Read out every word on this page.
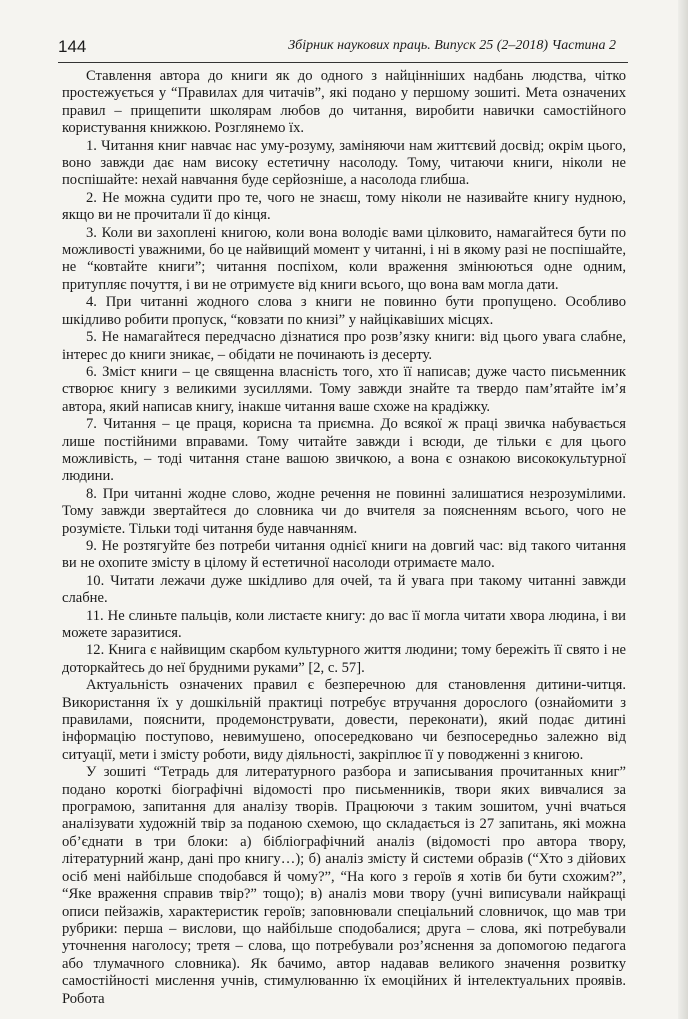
144	Збірник наукових праць. Випуск 25 (2–2018) Частина 2

Ставлення автора до книги як до одного з найцінніших надбань людства, чітко простежується у “Правилах для читачів”, які подано у першому зошиті. Мета означених правил – прищепити школярам любов до читання, виробити навички самостійного користування книжкою. Розглянемо їх.

1. Читання книг навчає нас уму-розуму, заміняючи нам життєвий досвід; окрім цього, воно завжди дає нам високу естетичну насолоду. Тому, читаючи книги, ніколи не поспішайте: нехай навчання буде серйозніше, а насолода глибша.

2. Не можна судити про те, чого не знаєш, тому ніколи не називайте книгу нудною, якщо ви не прочитали її до кінця.

3. Коли ви захоплені книгою, коли вона володіє вами цілковито, намагайтеся бути по можливості уважними, бо це найвищий момент у читанні, і ні в якому разі не поспішайте, не “ковтайте книги”; читання поспіхом, коли враження змінюються одне одним, притупляє почуття, і ви не отримуєте від книги всього, що вона вам могла дати.

4. При читанні жодного слова з книги не повинно бути пропущено. Особливо шкідливо робити пропуск, “ковзати по книзі” у найцікавіших місцях.

5. Не намагайтеся передчасно дізнатися про розв’язку книги: від цього увага слабне, інтерес до книги зникає, – обідати не починають із десерту.

6. Зміст книги – це священна власність того, хто її написав; дуже часто письменник створює книгу з великими зусиллями. Тому завжди знайте та твердо пам’ятайте ім’я автора, який написав книгу, інакше читання ваше схоже на крадіжку.

7. Читання – це праця, корисна та приємна. До всякої ж праці звичка набувається лише постійними вправами. Тому читайте завжди і всюди, де тільки є для цього можливість, – тоді читання стане вашою звичкою, а вона є ознакою висококультурної людини.

8. При читанні жодне слово, жодне речення не повинні залишатися незрозумілими. Тому завжди звертайтеся до словника чи до вчителя за поясненням всього, чого не розумієте. Тільки тоді читання буде навчанням.

9. Не розтягуйте без потреби читання однієї книги на довгий час: від такого читання ви не охопите змісту в цілому й естетичної насолоди отримаєте мало.

10. Читати лежачи дуже шкідливо для очей, та й увага при такому читанні завжди слабне.

11. Не слиньте пальців, коли листаєте книгу: до вас її могла читати хвора людина, і ви можете заразитися.

12. Книга є найвищим скарбом культурного життя людини; тому бережіть її свято і не доторкайтесь до неї брудними руками” [2, с. 57].

Актуальність означених правил є безперечною для становлення дитини-читця. Використання їх у дошкільній практиці потребує втручання дорослого (ознайомити з правилами, пояснити, продемонструвати, довести, переконати), який подає дитині інформацію поступово, невимушено, опосередковано чи безпосередньо залежно від ситуації, мети і змісту роботи, виду діяльності, закріплює її у поводженні з книгою.

У зошиті “Тетрадь для литературного разбора и записывания прочитанных книг” подано короткі біографічні відомості про письменників, твори яких вивчалися за програмою, запитання для аналізу творів. Працюючи з таким зошитом, учні вчаться аналізувати художній твір за поданою схемою, що складається із 27 запитань, які можна об’єднати в три блоки: а) бібліографічний аналіз (відомості про автора твору, літературний жанр, дані про книгу…); б) аналіз змісту й системи образів (“Хто з дійових осіб мені найбільше сподобався й чому?”, “На кого з героїв я хотів би бути схожим?”, “Яке враження справив твір?” тощо); в) аналіз мови твору (учні виписували найкращі описи пейзажів, характеристик героїв; заповнювали спеціальний словничок, що мав три рубрики: перша – вислови, що найбільше сподобалися; друга – слова, які потребували уточнення наголосу; третя – слова, що потребували роз’яснення за допомогою педагога або тлумачного словника). Як бачимо, автор надавав великого значення розвитку самостійності мислення учнів, стимулюванню їх емоційних й інтелектуальних проявів. Робота
